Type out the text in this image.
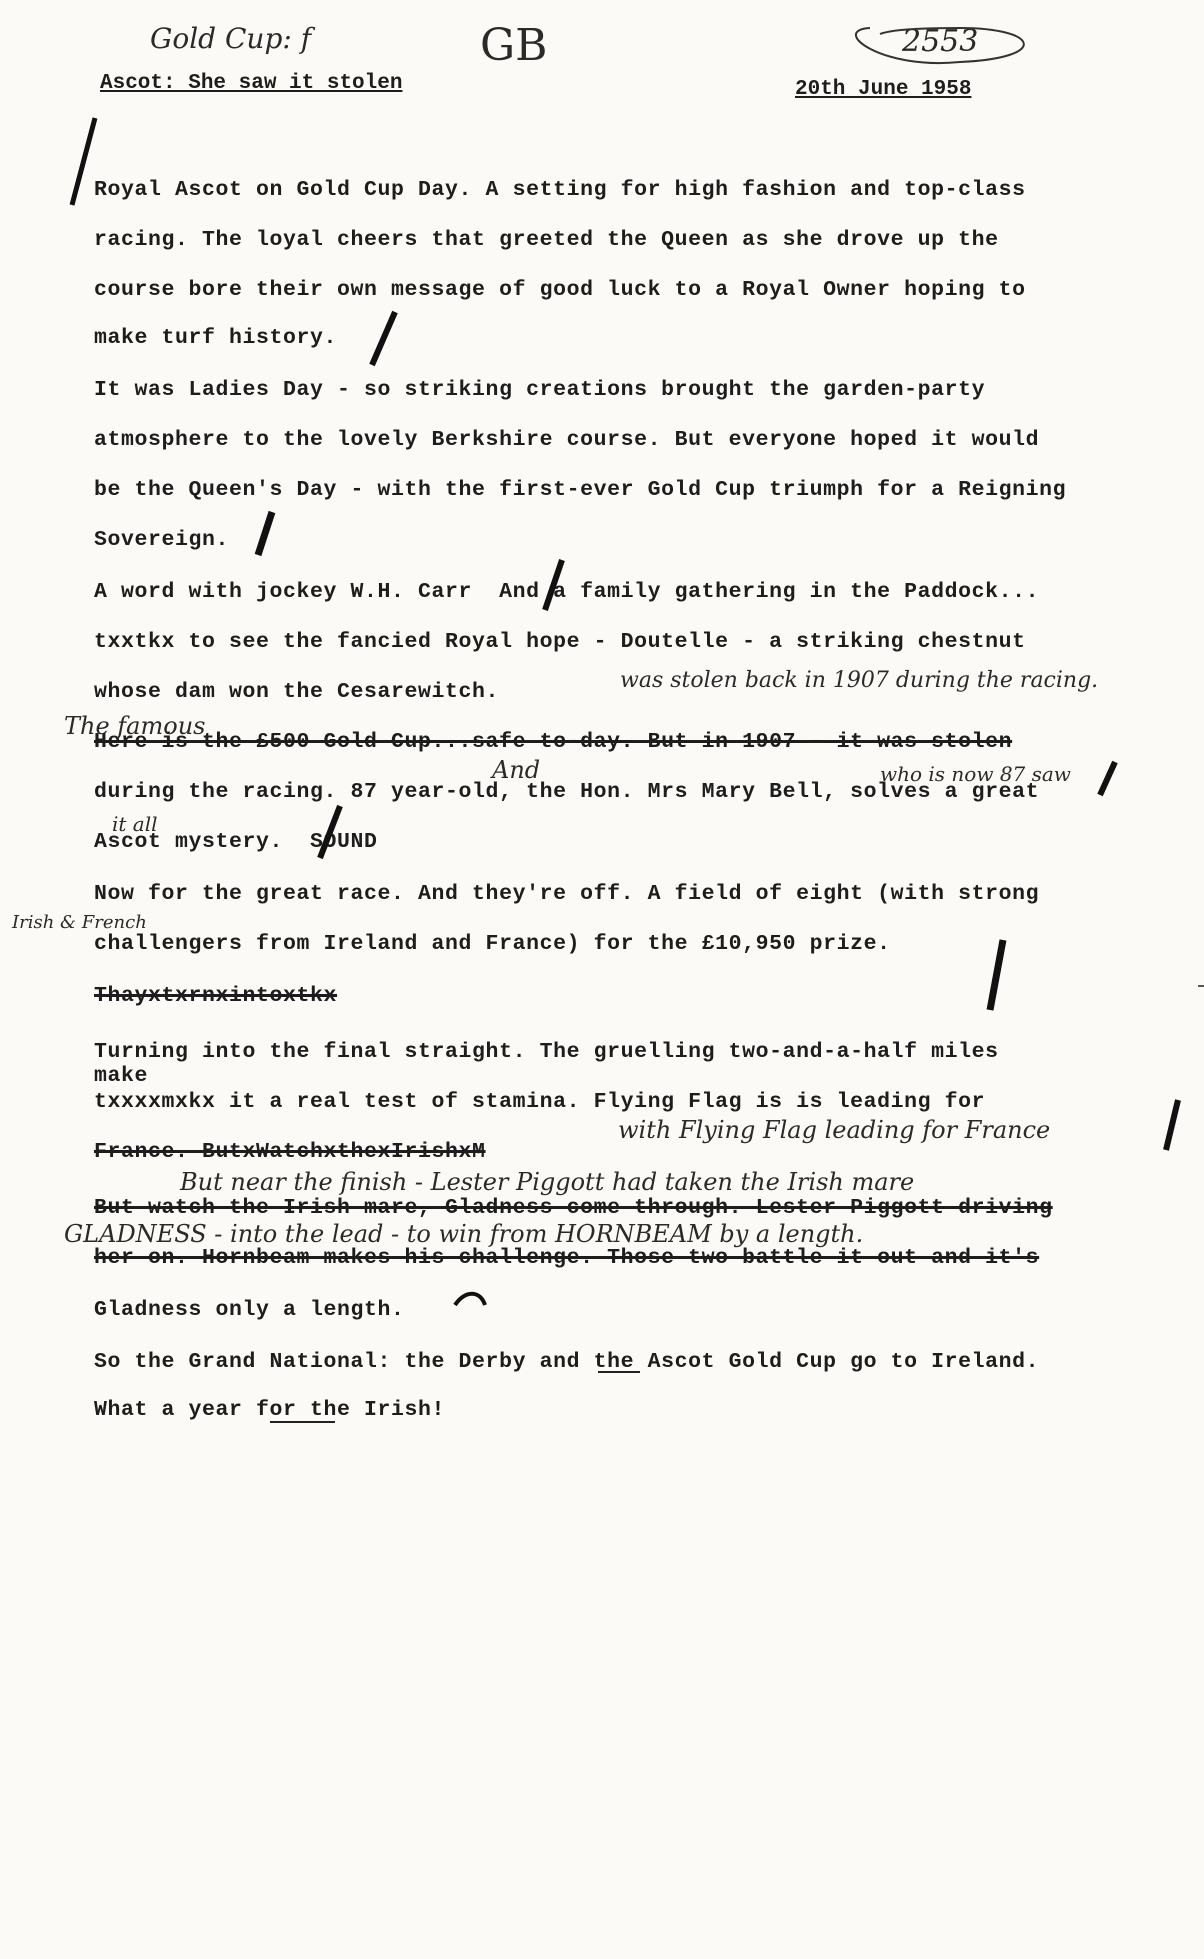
Gold Cup: f	GB	2553
Ascot: She saw it stolen	20th June 1958
Royal Ascot on Gold Cup Day. A setting for high fashion and top-class
racing. The loyal cheers that greeted the Queen as she drove up the
course bore their own message of good luck to a Royal Owner hoping to
make turf history.
It was Ladies Day - so striking creations brought the garden-party
atmosphere to the lovely Berkshire course. But everyone hoped it would
be the Queen's Day - with the first-ever Gold Cup triumph for a Reigning
Sovereign.
A word with jockey W.H. Carr  And a family gathering in the Paddock...
txxtkx to see the fancied Royal hope - Doutelle - a striking chestnut
whose dam won the Cesarewitch.
Here is the £500 Gold Cup...safe to-day. But in 1907 - it was stolen
during the racing. 87 year-old, the Hon. Mrs Mary Bell, solves a great
Ascot mystery.  SOUND
Now for the great race. And they're off. A field of eight (with strong
challengers from Ireland and France) for the £10,950 prize.
Thayxtxrnxintoxtkx
Turning into the final straight. The gruelling two-and-a-half miles
make
txxxxmxkx it a real test of stamina. Flying Flag is is leading for
France. ButxWatchxthexIrishxM
But watch the Irish mare, Gladness come through. Lester Piggott driving
her on. Hornbeam makes his challenge. Those two battle it out and it's
Gladness only a length.
So the Grand National: the Derby and the Ascot Gold Cup go to Ireland.
What a year for the Irish!
was stolen back in 1907 during the racing.
The famous
And	who is now 87 saw
it all
Irish & French
with Flying Flag leading for France
But near the finish - Lester Piggott had taken the Irish mare
GLADNESS - into the lead - to win from HORNBEAM by a length.
